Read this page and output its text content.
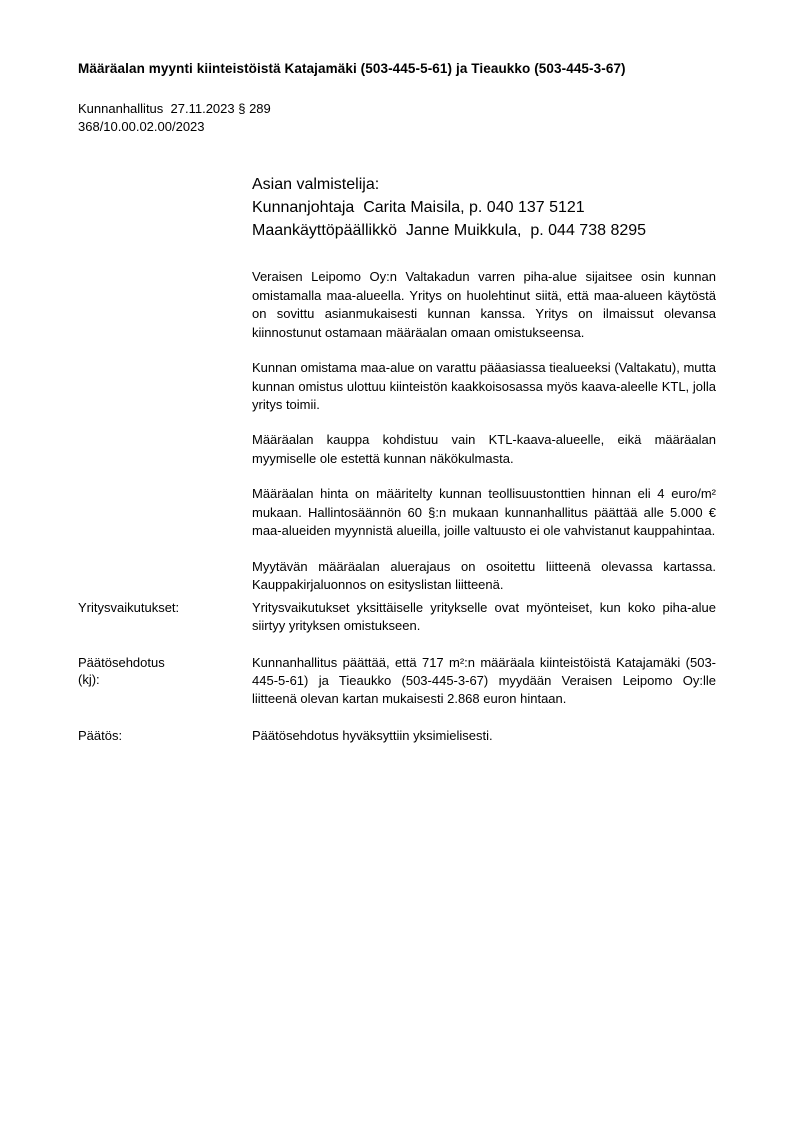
Määräalan myynti kiinteistöistä Katajamäki (503-445-5-61) ja Tieaukko (503-445-3-67)
Kunnanhallitus  27.11.2023 § 289
368/10.00.02.00/2023
Asian valmistelija:
Kunnanjohtaja  Carita Maisila, p. 040 137 5121
Maankäyttöpäällikkö  Janne Muikkula,  p. 044 738 8295

Veraisen Leipomo Oy:n Valtakadun varren piha-alue sijaitsee osin kunnan omistamalla maa-alueella. Yritys on huolehtinut siitä, että maa-alueen käytöstä on sovittu asianmukaisesti kunnan kanssa. Yritys on ilmaissut olevansa kiinnostunut ostamaan määräalan omaan omistukseensa.

Kunnan omistama maa-alue on varattu pääasiassa tiealueeksi (Valtakatu), mutta kunnan omistus ulottuu kiinteistön kaakkoisosassa myös kaava-aleelle KTL, jolla yritys toimii.

Määräalan kauppa kohdistuu vain KTL-kaava-alueelle, eikä määräalan myymiselle ole estettä kunnan näkökulmasta.

Määräalan hinta on määritelty kunnan teollisuustonttien hinnan eli 4 euro/m² mukaan. Hallintosäännön 60 §:n mukaan kunnanhallitus päättää alle 5.000 € maa-alueiden myynnistä alueilla, joille valtuusto ei ole vahvistanut kauppahintaa.

Myytävän määräalan aluerajaus on osoitettu liitteenä olevassa kartassa. Kauppakirjaluonnos on esityslistan liitteenä.

Yritysvaikutukset:	Yritysvaikutukset yksittäiselle yritykselle ovat myönteiset, kun koko piha-alue siirtyy yrityksen omistukseen.
Päätösehdotus
(kj):
Kunnanhallitus päättää, että 717 m²:n määräala kiinteistöistä Katajamäki (503-445-5-61) ja Tieaukko (503-445-3-67) myydään Veraisen Leipomo Oy:lle liitteenä olevan kartan mukaisesti 2.868 euron hintaan.
Päätös:	Päätösehdotus hyväksyttiin yksimielisesti.
